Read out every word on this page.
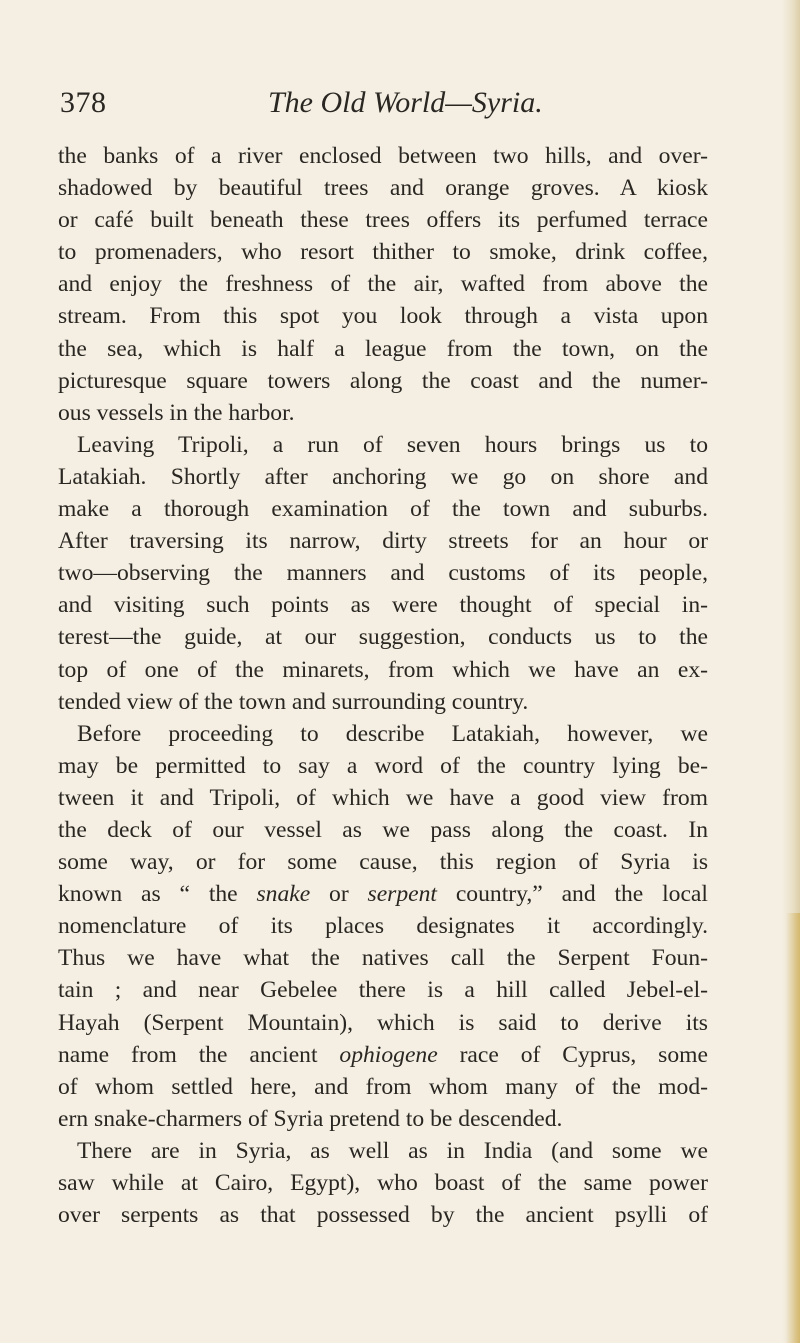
378	The Old World—Syria.
the banks of a river enclosed between two hills, and over-
shadowed by beautiful trees and orange groves. A kiosk
or café built beneath these trees offers its perfumed terrace
to promenaders, who resort thither to smoke, drink coffee,
and enjoy the freshness of the air, wafted from above the
stream. From this spot you look through a vista upon
the sea, which is half a league from the town, on the
picturesque square towers along the coast and the numer-
ous vessels in the harbor.
Leaving Tripoli, a run of seven hours brings us to
Latakiah. Shortly after anchoring we go on shore and
make a thorough examination of the town and suburbs.
After traversing its narrow, dirty streets for an hour or
two—observing the manners and customs of its people,
and visiting such points as were thought of special in-
terest—the guide, at our suggestion, conducts us to the
top of one of the minarets, from which we have an ex-
tended view of the town and surrounding country.
Before proceeding to describe Latakiah, however, we
may be permitted to say a word of the country lying be-
tween it and Tripoli, of which we have a good view from
the deck of our vessel as we pass along the coast. In
some way, or for some cause, this region of Syria is
known as “ the snake or serpent country,” and the local
nomenclature of its places designates it accordingly.
Thus we have what the natives call the Serpent Foun-
tain ; and near Gebelee there is a hill called Jebel-el-
Hayah (Serpent Mountain), which is said to derive its
name from the ancient ophiogene race of Cyprus, some
of whom settled here, and from whom many of the mod-
ern snake-charmers of Syria pretend to be descended.
There are in Syria, as well as in India (and some we
saw while at Cairo, Egypt), who boast of the same power
over serpents as that possessed by the ancient psylli of
